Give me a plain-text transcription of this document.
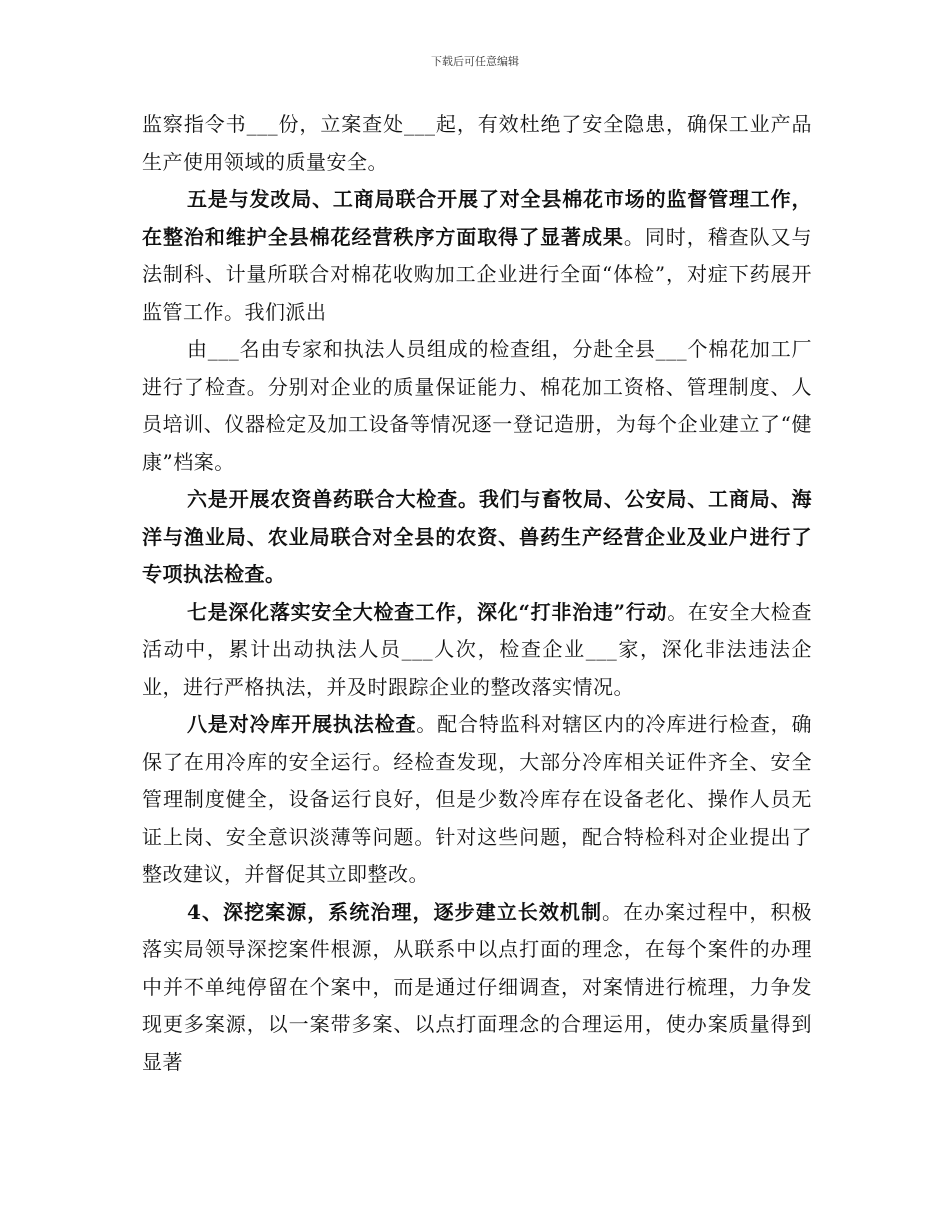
下载后可任意编辑

监察指令书___份，立案查处___起，有效杜绝了安全隐患，确保工业产品生产使用领域的质量安全。

五是与发改局、工商局联合开展了对全县棉花市场的监督管理工作，在整治和维护全县棉花经营秩序方面取得了显著成果。同时，稽查队又与法制科、计量所联合对棉花收购加工企业进行全面“体检”，对症下药展开监管工作。我们派出

由___名由专家和执法人员组成的检查组，分赴全县___个棉花加工厂进行了检查。分别对企业的质量保证能力、棉花加工资格、管理制度、人员培训、仪器检定及加工设备等情况逐一登记造册，为每个企业建立了“健康”档案。

六是开展农资兽药联合大检查。我们与畜牧局、公安局、工商局、海洋与渔业局、农业局联合对全县的农资、兽药生产经营企业及业户进行了专项执法检查。

七是深化落实安全大检查工作，深化“打非治违”行动。在安全大检查活动中，累计出动执法人员___人次，检查企业___家，深化非法违法企业，进行严格执法，并及时跟踪企业的整改落实情况。

八是对冷库开展执法检查。配合特监科对辖区内的冷库进行检查，确保了在用冷库的安全运行。经检查发现，大部分冷库相关证件齐全、安全管理制度健全，设备运行良好，但是少数冷库存在设备老化、操作人员无证上岗、安全意识淡薄等问题。针对这些问题，配合特检科对企业提出了整改建议，并督促其立即整改。

4、深挖案源，系统治理，逐步建立长效机制。在办案过程中，积极落实局领导深挖案件根源，从联系中以点打面的理念，在每个案件的办理中并不单纯停留在个案中，而是通过仔细调查，对案情进行梳理，力争发现更多案源，以一案带多案、以点打面理念的合理运用，使办案质量得到显著
